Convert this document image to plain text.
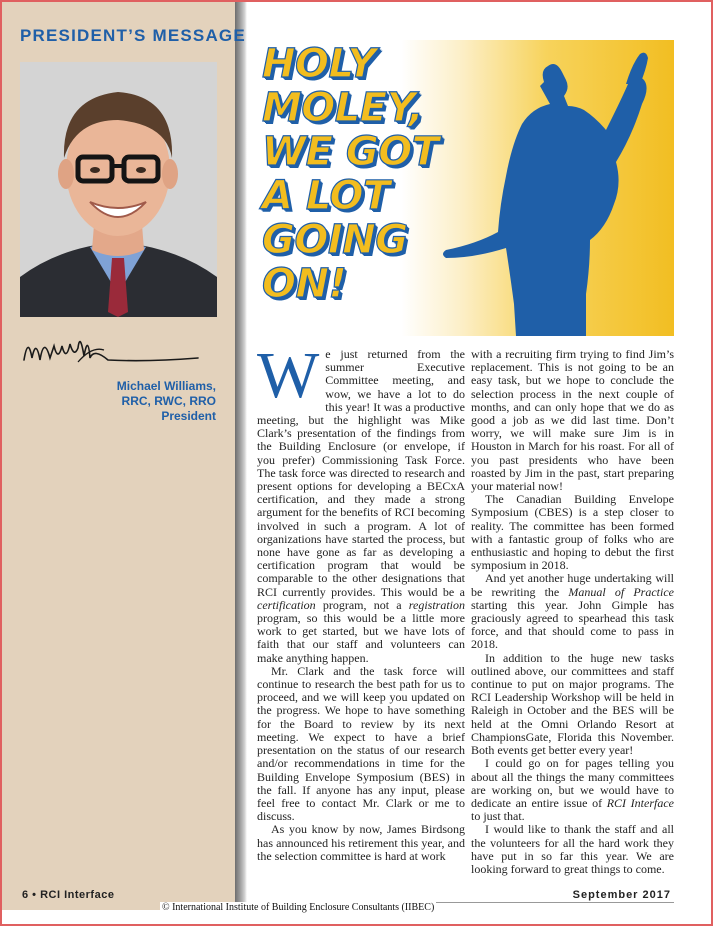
PRESIDENT’S MESSAGE
Michael Williams,
RRC, RWC, RRO
President
HOLY
MOLEY,
WE GOT
A LOT
GOING
ON!

We just returned from the summer Executive Committee meeting, and wow, we have a lot to do this year! It was a productive meeting, but the highlight was Mike Clark’s presentation of the findings from the Building Enclosure (or envelope, if you prefer) Commissioning Task Force. The task force was directed to research and present options for developing a BECxA certification, and they made a strong argument for the benefits of RCI becoming involved in such a program. A lot of organizations have started the process, but none have gone as far as developing a certification program that would be comparable to the other designations that RCI currently provides. This would be a certification program, not a registration program, so this would be a little more work to get started, but we have lots of faith that our staff and volunteers can make anything happen.

Mr. Clark and the task force will continue to research the best path for us to proceed, and we will keep you updated on the progress. We hope to have something for the Board to review by its next meeting. We expect to have a brief presentation on the status of our research and/or recommendations in time for the Building Envelope Symposium (BES) in the fall. If anyone has any input, please feel free to contact Mr. Clark or me to discuss.

As you know by now, James Birdsong has announced his retirement this year, and the selection committee is hard at work

with a recruiting firm trying to find Jim’s replacement. This is not going to be an easy task, but we hope to conclude the selection process in the next couple of months, and can only hope that we do as good a job as we did last time. Don’t worry, we will make sure Jim is in Houston in March for his roast. For all of you past presidents who have been roasted by Jim in the past, start preparing your material now!

The Canadian Building Envelope Symposium (CBES) is a step closer to reality. The committee has been formed with a fantastic group of folks who are enthusiastic and hoping to debut the first symposium in 2018.

And yet another huge undertaking will be rewriting the Manual of Practice starting this year. John Gimple has graciously agreed to spearhead this task force, and that should come to pass in 2018.

In addition to the huge new tasks outlined above, our committees and staff continue to put on major programs. The RCI Leadership Workshop will be held in Raleigh in October and the BES will be held at the Omni Orlando Resort at ChampionsGate, Florida this November. Both events get better every year!

I could go on for pages telling you about all the things the many committees are working on, but we would have to dedicate an entire issue of RCI Interface to just that.

I would like to thank the staff and all the volunteers for all the hard work they have put in so far this year. We are looking forward to great things to come.

6 • RCI Interface	September 2017
© International Institute of Building Enclosure Consultants (IIBEC)
